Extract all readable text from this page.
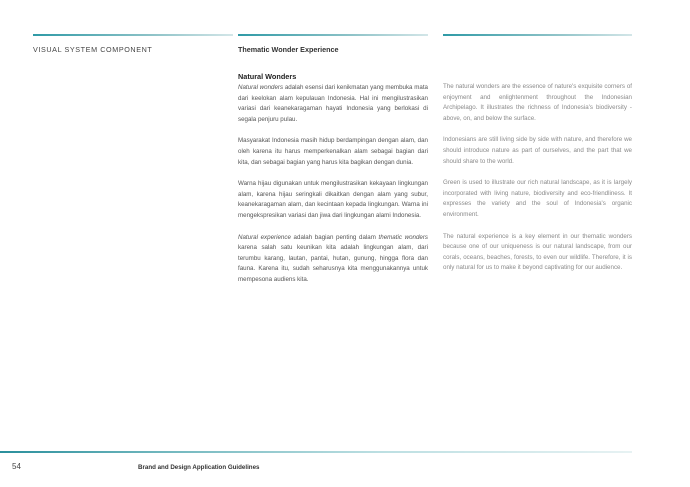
VISUAL SYSTEM COMPONENT	Thematic Wonder Experience

Natural Wonders

Natural wonders adalah esensi dari kenikmatan yang membuka mata dari keelokan alam kepulauan Indonesia. Hal ini mengilustrasikan variasi dari keanekaragaman hayati Indonesia yang berlokasi di segala penjuru pulau.

Masyarakat Indonesia masih hidup berdampingan dengan alam, dan oleh karena itu harus memperkenalkan alam sebagai bagian dari kita, dan sebagai bagian yang harus kita bagikan dengan dunia.

Warna hijau digunakan untuk mengilustrasikan kekayaan lingkungan alam, karena hijau seringkali dikaitkan dengan alam yang subur, keanekaragaman alam, dan kecintaan kepada lingkungan. Warna ini mengekspresikan variasi dan jiwa dari lingkungan alami Indonesia.

Natural experience adalah bagian penting dalam thematic wonders karena salah satu keunikan kita adalah lingkungan alam, dari terumbu karang, lautan, pantai, hutan, gunung, hingga flora dan fauna. Karena itu, sudah seharusnya kita menggunakannya untuk mempesona audiens kita.

The natural wonders are the essence of nature's exquisite corners of enjoyment and enlightenment throughout the Indonesian Archipelago. It illustrates the richness of Indonesia's biodiversity - above, on, and below the surface.

Indonesians are still living side by side with nature, and therefore we should introduce nature as part of ourselves, and the part that we should share to the world.

Green is used to illustrate our rich natural landscape, as it is largely incorporated with living nature, biodiversity and eco-friendliness. It expresses the variety and the soul of Indonesia's organic environment.

The natural experience is a key element in our thematic wonders because one of our uniqueness is our natural landscape, from our corals, oceans, beaches, forests, to even our wildlife. Therefore, it is only natural for us to make it beyond captivating for our audience.

54	Brand and Design Application Guidelines
